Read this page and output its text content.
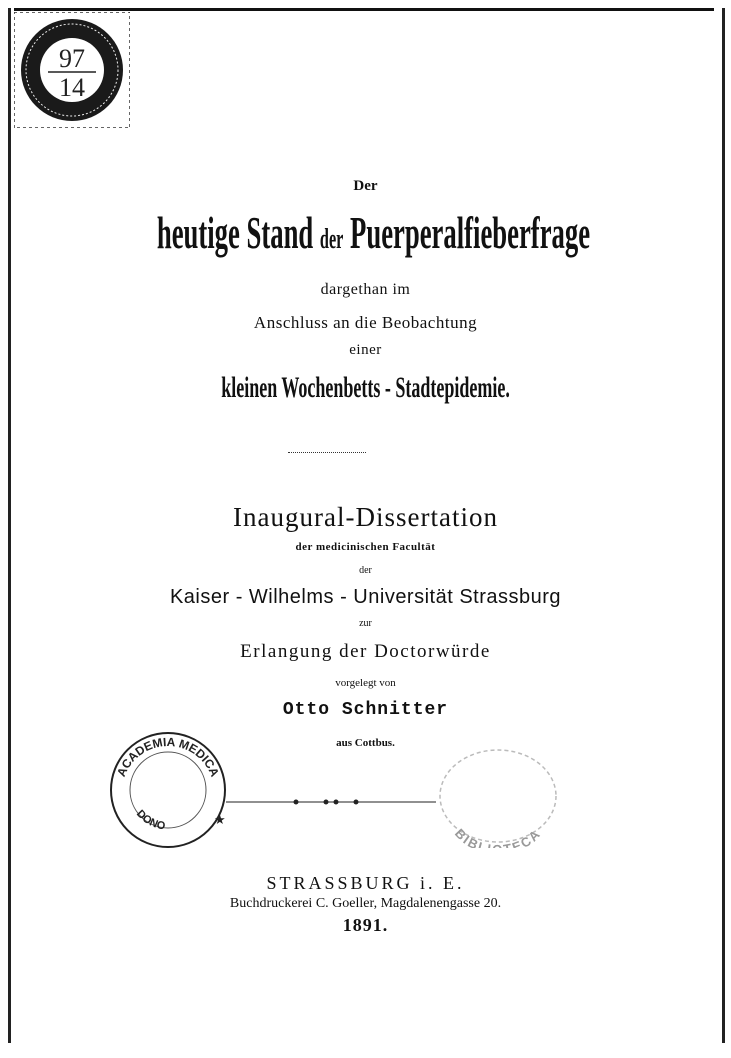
97
14
Der
heutige Stand der Puerperalfieberfrage
dargethan im
Anschluss an die Beobachtung
einer
kleinen Wochenbetts - Stadtepidemie.
Inaugural-Dissertation
der medicinischen Facultät
der
Kaiser - Wilhelms - Universität Strassburg
zur
Erlangung der Doctorwürde
vorgelegt von
Otto Schnitter
aus Cottbus.
ACADEMIA MEDICA
DONO	★
BIBL ECA
STRASSBURG i. E.
Buchdruckerei C. Goeller, Magdalenengasse 20.
1891.
